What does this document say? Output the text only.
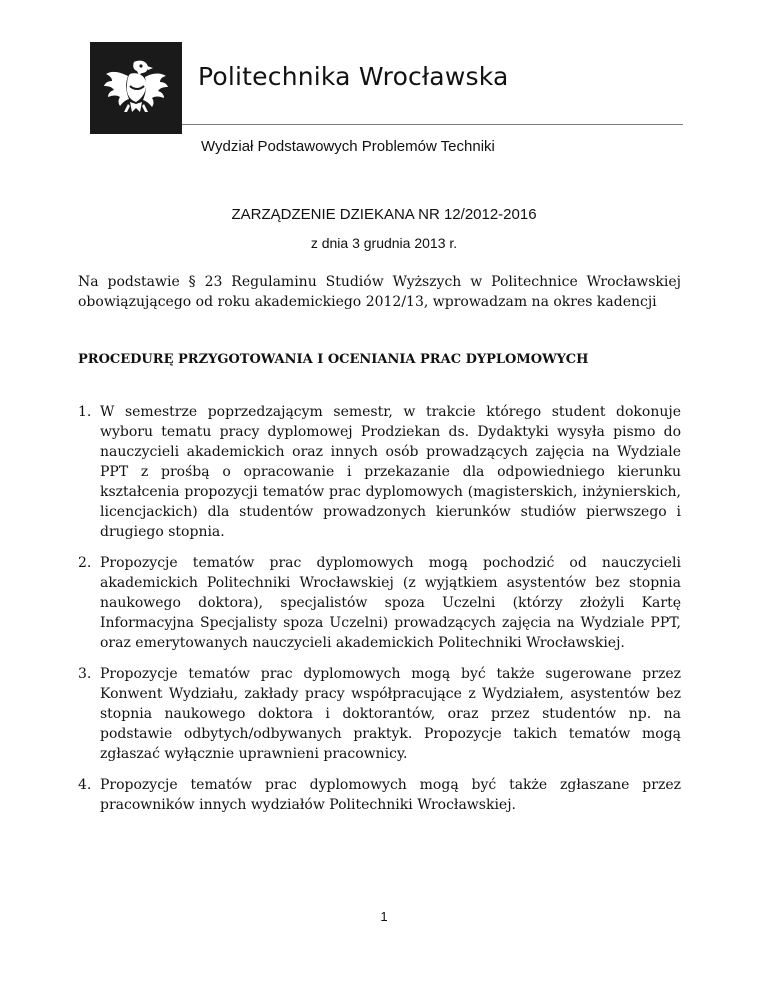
Politechnika Wrocławska
Wydział Podstawowych Problemów Techniki
ZARZĄDZENIE DZIEKANA NR 12/2012-2016
z dnia 3 grudnia 2013 r.

Na podstawie § 23 Regulaminu Studiów Wyższych w Politechnice Wrocławskiej obowiązującego od roku akademickiego 2012/13, wprowadzam na okres kadencji

PROCEDURĘ PRZYGOTOWANIA I OCENIANIA PRAC DYPLOMOWYCH
1. W semestrze poprzedzającym semestr, w trakcie którego student dokonuje wyboru tematu pracy dyplomowej Prodziekan ds. Dydaktyki wysyła pismo do nauczycieli akademickich oraz innych osób prowadzących zajęcia na Wydziale PPT z prośbą o opracowanie i przekazanie dla odpowiedniego kierunku kształcenia propozycji tematów prac dyplomowych (magisterskich, inżynierskich, licencjackich) dla studentów prowadzonych kierunków studiów pierwszego i drugiego stopnia.
2. Propozycje tematów prac dyplomowych mogą pochodzić od nauczycieli akademickich Politechniki Wrocławskiej (z wyjątkiem asystentów bez stopnia naukowego doktora), specjalistów spoza Uczelni (którzy złożyli Kartę Informacyjna Specjalisty spoza Uczelni) prowadzących zajęcia na Wydziale PPT, oraz emerytowanych nauczycieli akademickich Politechniki Wrocławskiej.
3. Propozycje tematów prac dyplomowych mogą być także sugerowane przez Konwent Wydziału, zakłady pracy współpracujące z Wydziałem, asystentów bez stopnia naukowego doktora i doktorantów, oraz przez studentów np. na podstawie odbytych/odbywanych praktyk. Propozycje takich tematów mogą zgłaszać wyłącznie uprawnieni pracownicy.
4. Propozycje tematów prac dyplomowych mogą być także zgłaszane przez pracowników innych wydziałów Politechniki Wrocławskiej.
1
